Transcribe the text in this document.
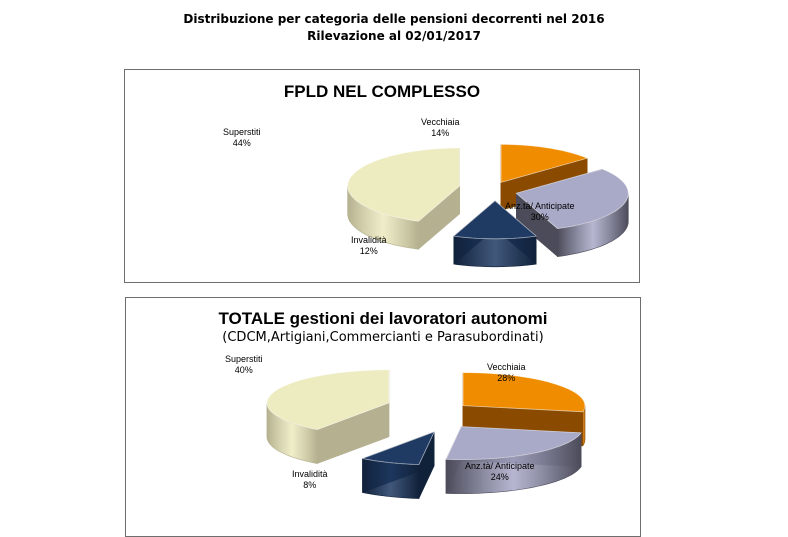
Distribuzione per categoria delle pensioni decorrenti nel 2016
Rilevazione al 02/01/2017
FPLD NEL COMPLESSO
Vecchiaia
14%
Anz.tà/ Anticipate
30%
Invalidità
12%
Superstiti
44%
TOTALE gestioni dei lavoratori autonomi
(CDCM,Artigiani,Commercianti e Parasubordinati)
Vecchiaia
28%
Anz.tà/ Anticipate
24%
Invalidità
8%
Superstiti
40%
